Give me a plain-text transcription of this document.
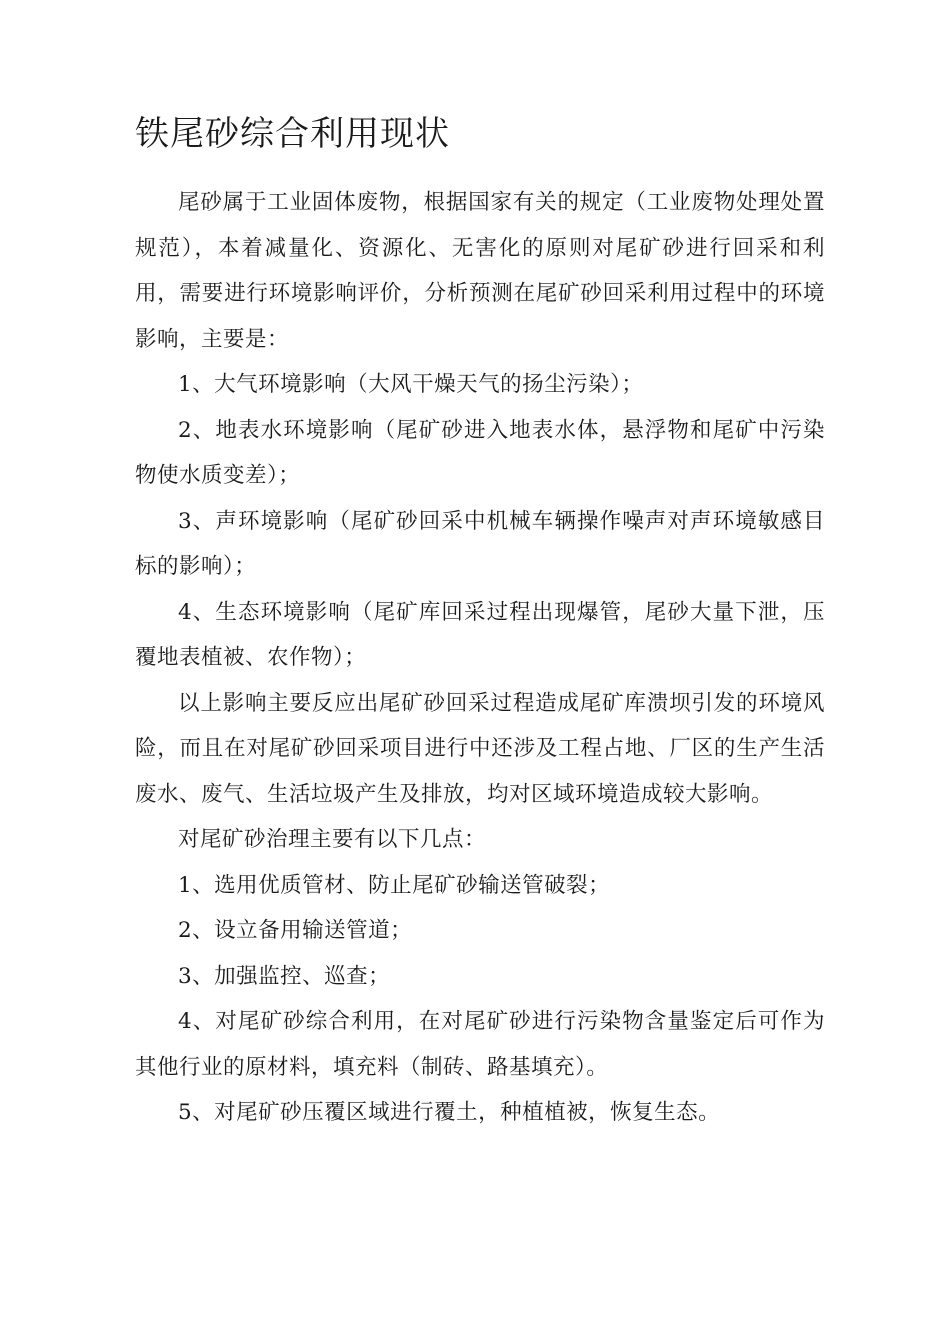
铁尾砂综合利用现状

尾砂属于工业固体废物，根据国家有关的规定（工业废物处理处置规范），本着减量化、资源化、无害化的原则对尾矿砂进行回采和利用，需要进行环境影响评价，分析预测在尾矿砂回采利用过程中的环境影响，主要是：

1、大气环境影响（大风干燥天气的扬尘污染）；

2、地表水环境影响（尾矿砂进入地表水体，悬浮物和尾矿中污染物使水质变差）；

3、声环境影响（尾矿砂回采中机械车辆操作噪声对声环境敏感目标的影响）；

4、生态环境影响（尾矿库回采过程出现爆管，尾砂大量下泄，压覆地表植被、农作物）；

以上影响主要反应出尾矿砂回采过程造成尾矿库溃坝引发的环境风险，而且在对尾矿砂回采项目进行中还涉及工程占地、厂区的生产生活废水、废气、生活垃圾产生及排放，均对区域环境造成较大影响。

对尾矿砂治理主要有以下几点：

1、选用优质管材、防止尾矿砂输送管破裂；

2、设立备用输送管道；

3、加强监控、巡查；

4、对尾矿砂综合利用，在对尾矿砂进行污染物含量鉴定后可作为其他行业的原材料，填充料（制砖、路基填充）。

5、对尾矿砂压覆区域进行覆土，种植植被，恢复生态。
